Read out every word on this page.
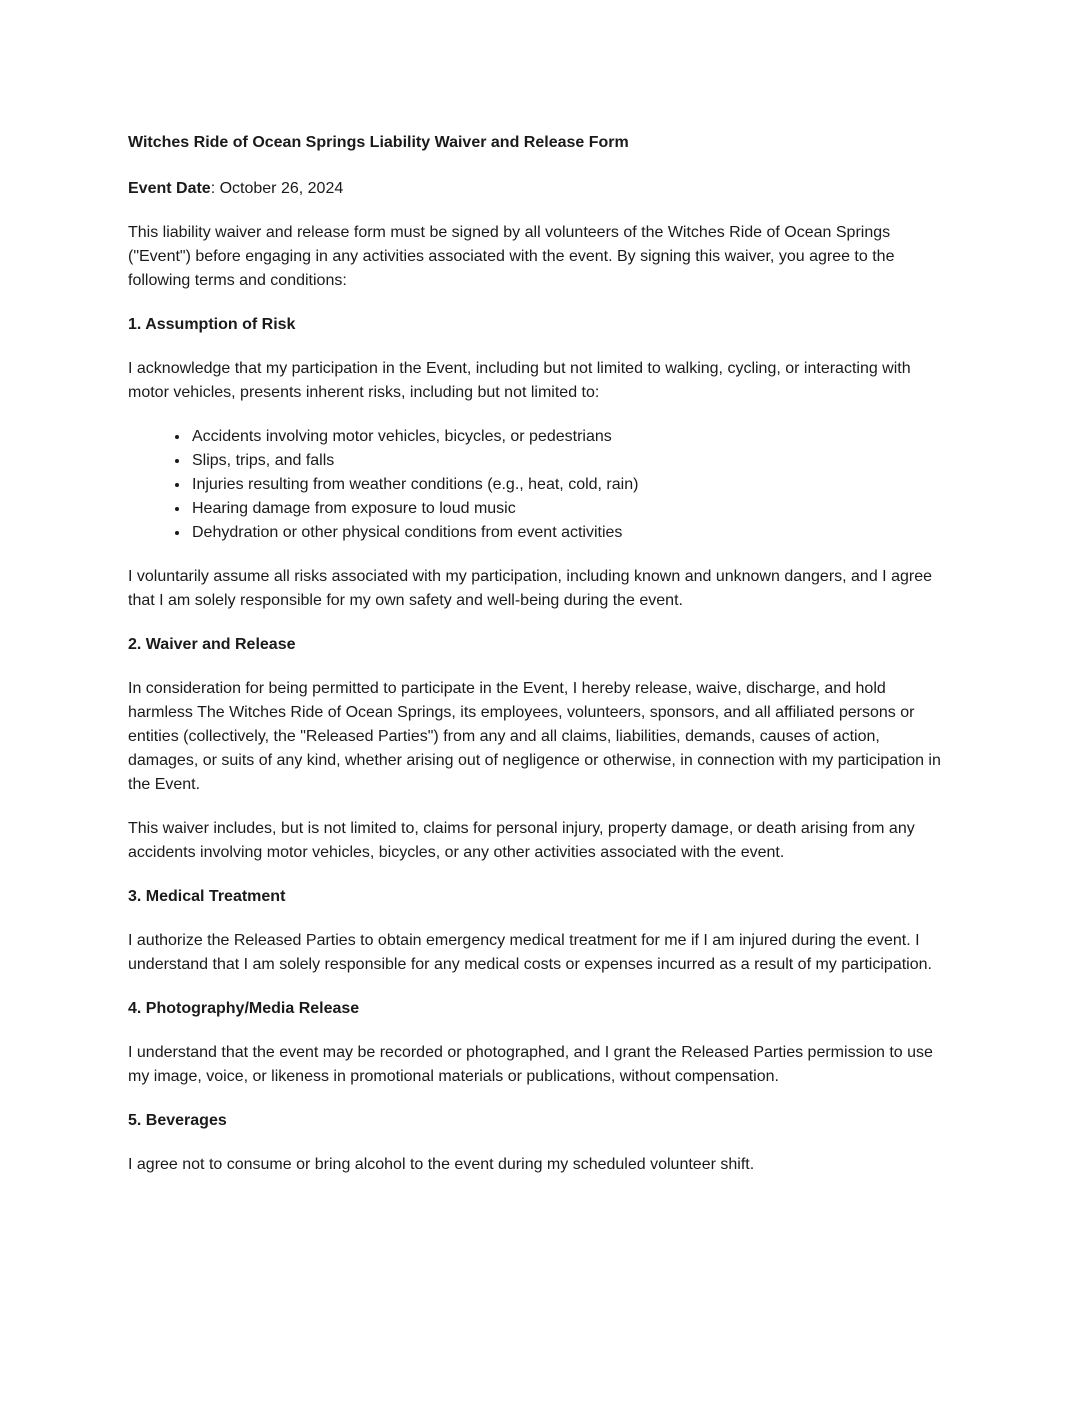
Witches Ride of Ocean Springs Liability Waiver and Release Form

Event Date: October 26, 2024

This liability waiver and release form must be signed by all volunteers of the Witches Ride of Ocean Springs ("Event") before engaging in any activities associated with the event. By signing this waiver, you agree to the following terms and conditions:

1. Assumption of Risk

I acknowledge that my participation in the Event, including but not limited to walking, cycling, or interacting with motor vehicles, presents inherent risks, including but not limited to:

• Accidents involving motor vehicles, bicycles, or pedestrians
• Slips, trips, and falls
• Injuries resulting from weather conditions (e.g., heat, cold, rain)
• Hearing damage from exposure to loud music
• Dehydration or other physical conditions from event activities

I voluntarily assume all risks associated with my participation, including known and unknown dangers, and I agree that I am solely responsible for my own safety and well-being during the event.

2. Waiver and Release

In consideration for being permitted to participate in the Event, I hereby release, waive, discharge, and hold harmless The Witches Ride of Ocean Springs, its employees, volunteers, sponsors, and all affiliated persons or entities (collectively, the "Released Parties") from any and all claims, liabilities, demands, causes of action, damages, or suits of any kind, whether arising out of negligence or otherwise, in connection with my participation in the Event.

This waiver includes, but is not limited to, claims for personal injury, property damage, or death arising from any accidents involving motor vehicles, bicycles, or any other activities associated with the event.

3. Medical Treatment

I authorize the Released Parties to obtain emergency medical treatment for me if I am injured during the event. I understand that I am solely responsible for any medical costs or expenses incurred as a result of my participation.

4. Photography/Media Release

I understand that the event may be recorded or photographed, and I grant the Released Parties permission to use my image, voice, or likeness in promotional materials or publications, without compensation.

5. Beverages

I agree not to consume or bring alcohol to the event during my scheduled volunteer shift.
